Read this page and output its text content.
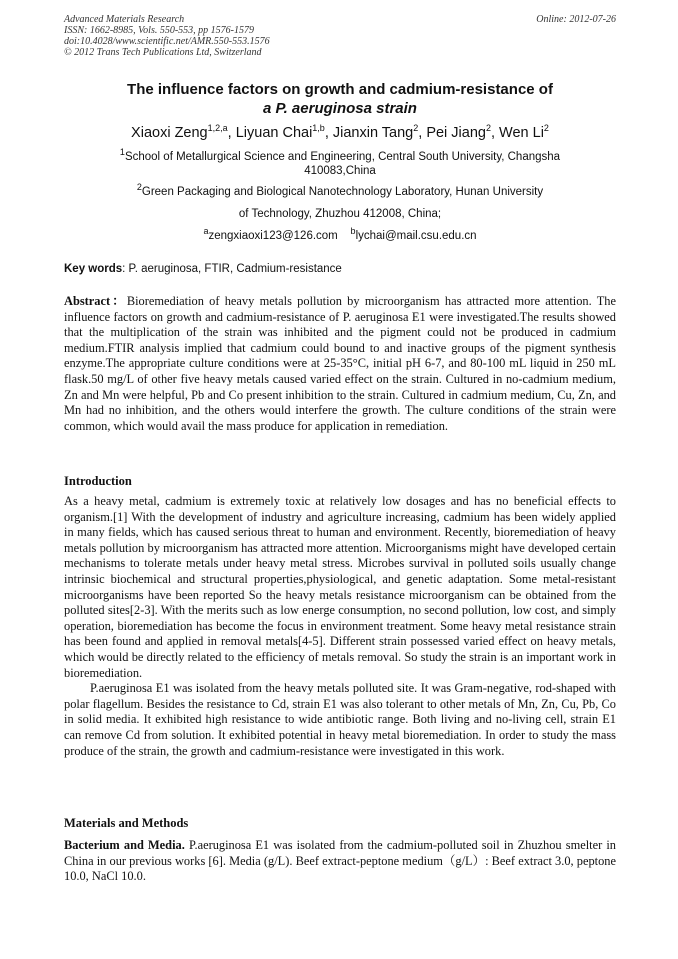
Advanced Materials Research
ISSN: 1662-8985, Vols. 550-553, pp 1576-1579
doi:10.4028/www.scientific.net/AMR.550-553.1576
© 2012 Trans Tech Publications Ltd, Switzerland
Online: 2012-07-26
The influence factors on growth and cadmium-resistance of
a P. aeruginosa strain
Xiaoxi Zeng$^{1,2,a}$, Liyuan Chai$^{1,b}$, Jianxin Tang$^2$, Pei Jiang$^2$, Wen Li$^2$
$^1$School of Metallurgical Science and Engineering, Central South University, Changsha
410083,China
$^2$Green Packaging and Biological Nanotechnology Laboratory, Hunan University
of Technology, Zhuzhou 412008, China;
$^a$zengxiaoxi123@126.com $^b$lychai@mail.csu.edu.cn
Key words: P. aeruginosa, FTIR, Cadmium-resistance

Abstract：Bioremediation of heavy metals pollution by microorganism has attracted more attention. The influence factors on growth and cadmium-resistance of P. aeruginosa E1 were investigated.The results showed that the multiplication of the strain was inhibited and the pigment could not be produced in cadmium medium.FTIR analysis implied that cadmium could bound to and inactive groups of the pigment synthesis enzyme.The appropriate culture conditions were at 25-35°C, initial pH 6-7, and 80-100 mL liquid in 250 mL flask.50 mg/L of other five heavy metals caused varied effect on the strain. Cultured in no-cadmium medium, Zn and Mn were helpful, Pb and Co present inhibition to the strain. Cultured in cadmium medium, Cu, Zn, and Mn had no inhibition, and the others would interfere the growth. The culture conditions of the strain were common, which would avail the mass produce for application in remediation.

Introduction

As a heavy metal, cadmium is extremely toxic at relatively low dosages and has no beneficial effects to organism.[1] With the development of industry and agriculture increasing, cadmium has been widely applied in many fields, which has caused serious threat to human and environment. Recently, bioremediation of heavy metals pollution by microorganism has attracted more attention. Microorganisms might have developed certain mechanisms to tolerate metals under heavy metal stress. Microbes survival in polluted soils usually change intrinsic biochemical and structural properties,physiological, and genetic adaptation. Some metal-resistant microorganisms have been reported So the heavy metals resistance microorganism can be obtained from the polluted sites[2-3]. With the merits such as low energe consumption, no second pollution, low cost, and simply operation, bioremediation has become the focus in environment treatment. Some heavy metal resistance strain has been found and applied in removal metals[4-5]. Different strain possessed varied effect on heavy metals, which would be directly related to the efficiency of metals removal. So study the strain is an important work in bioremediation.

P.aeruginosa E1 was isolated from the heavy metals polluted site. It was Gram-negative, rod-shaped with polar flagellum. Besides the resistance to Cd, strain E1 was also tolerant to other metals of Mn, Zn, Cu, Pb, Co in solid media. It exhibited high resistance to wide antibiotic range. Both living and no-living cell, strain E1 can remove Cd from solution. It exhibited potential in heavy metal bioremediation. In order to study the mass produce of the strain, the growth and cadmium-resistance were investigated in this work.

Materials and Methods

Bacterium and Media. P.aeruginosa E1 was isolated from the cadmium-polluted soil in Zhuzhou smelter in China in our previous works [6]. Media (g/L). Beef extract-peptone medium（g/L）: Beef extract 3.0, peptone 10.0, NaCl 10.0.
